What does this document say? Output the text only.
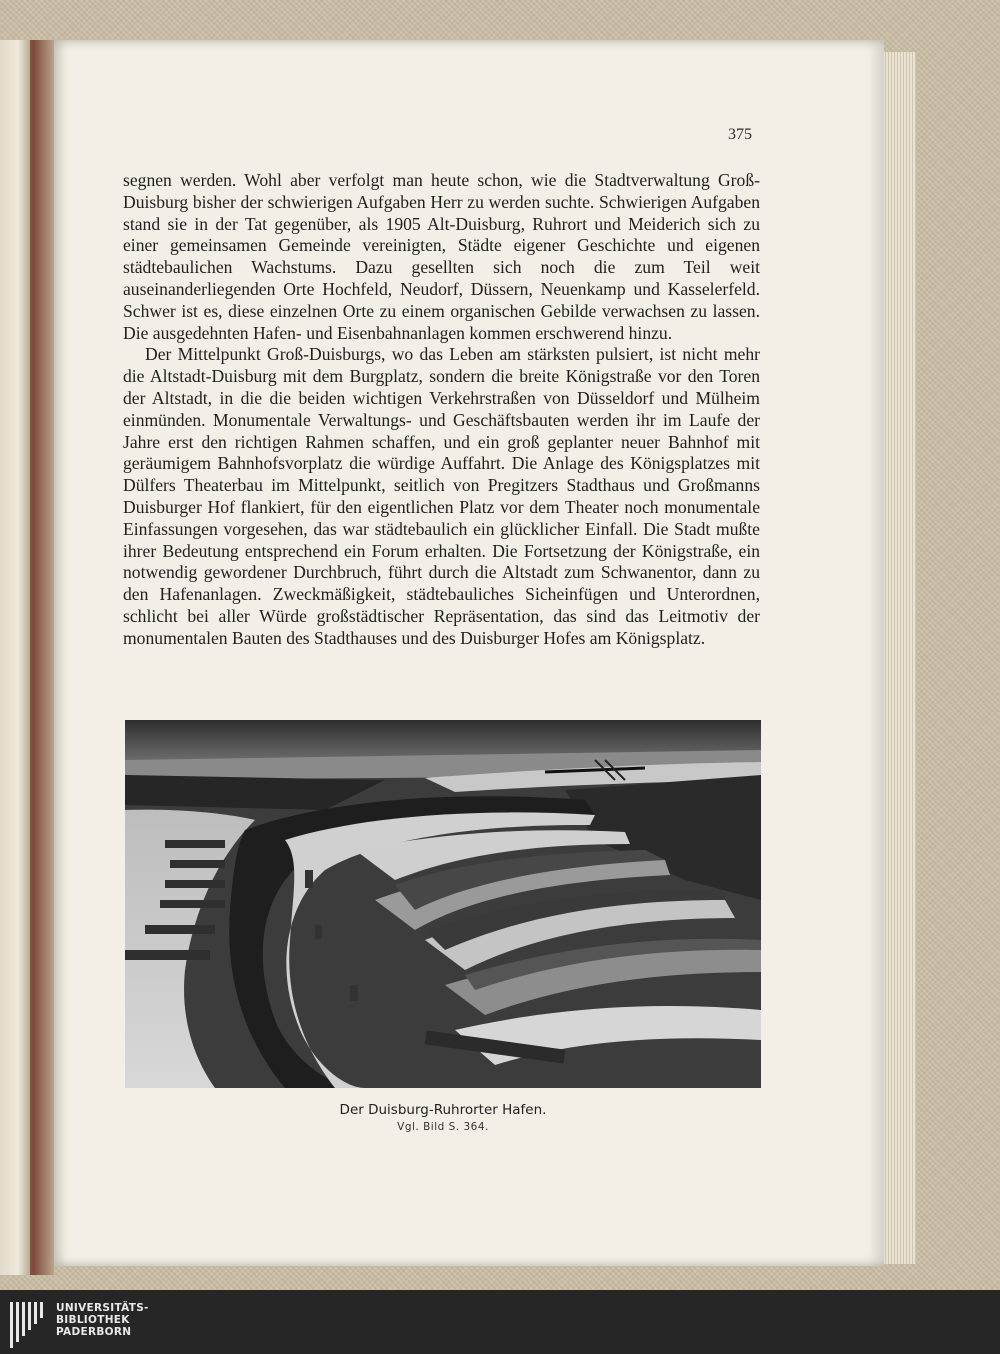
375

segnen werden. Wohl aber verfolgt man heute schon, wie die Stadtverwaltung Groß-Duisburg bisher der schwierigen Aufgaben Herr zu werden suchte. Schwierigen Aufgaben stand sie in der Tat gegenüber, als 1905 Alt-Duisburg, Ruhrort und Meiderich sich zu einer gemeinsamen Gemeinde vereinigten, Städte eigener Geschichte und eigenen städtebaulichen Wachstums. Dazu gesellten sich noch die zum Teil weit auseinanderliegenden Orte Hochfeld, Neudorf, Düssern, Neuenkamp und Kasselerfeld. Schwer ist es, diese einzelnen Orte zu einem organischen Gebilde verwachsen zu lassen. Die ausgedehnten Hafen- und Eisenbahnanlagen kommen erschwerend hinzu.

Der Mittelpunkt Groß-Duisburgs, wo das Leben am stärksten pulsiert, ist nicht mehr die Altstadt-Duisburg mit dem Burgplatz, sondern die breite Königstraße vor den Toren der Altstadt, in die die beiden wichtigen Verkehrstraßen von Düsseldorf und Mülheim einmünden. Monumentale Verwaltungs- und Geschäftsbauten werden ihr im Laufe der Jahre erst den richtigen Rahmen schaffen, und ein groß geplanter neuer Bahnhof mit geräumigem Bahnhofsvorplatz die würdige Auffahrt. Die Anlage des Königsplatzes mit Dülfers Theaterbau im Mittelpunkt, seitlich von Pregitzers Stadthaus und Großmanns Duisburger Hof flankiert, für den eigentlichen Platz vor dem Theater noch monumentale Einfassungen vorgesehen, das war städtebaulich ein glücklicher Einfall. Die Stadt mußte ihrer Bedeutung entsprechend ein Forum erhalten. Die Fortsetzung der Königstraße, ein notwendig gewordener Durchbruch, führt durch die Altstadt zum Schwanentor, dann zu den Hafenanlagen. Zweckmäßigkeit, städtebauliches Sicheinfügen und Unterordnen, schlicht bei aller Würde großstädtischer Repräsentation, das sind das Leitmotiv der monumentalen Bauten des Stadthauses und des Duisburger Hofes am Königsplatz.

Der Duisburg-Ruhrorter Hafen.
Vgl. Bild S. 364.
UNIVERSITÄTS-
BIBLIOTHEK
PADERBORN
